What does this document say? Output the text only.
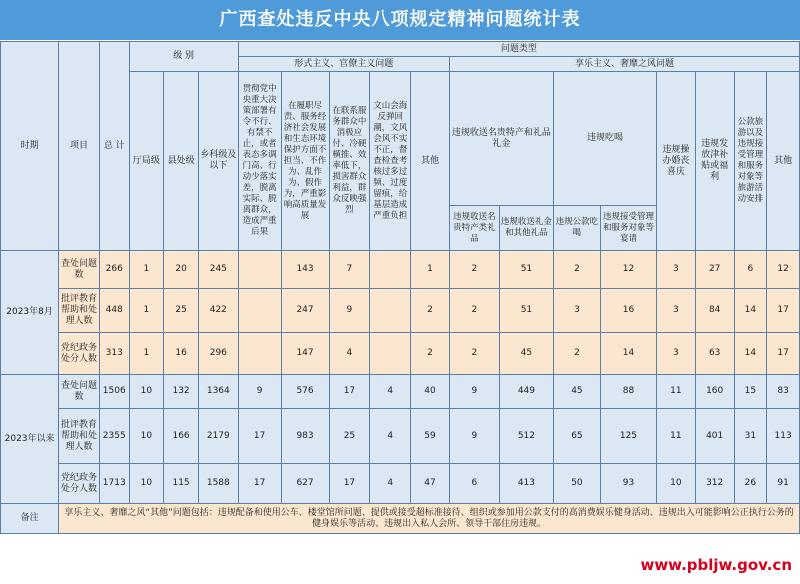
广西查处违反中央八项规定精神问题统计表
时期	项目	总 计	级 别			问题类型												
						形式主义、官僚主义问题					享乐主义、奢靡之风问题							
			厅局级	县处级	乡科级及以下	贯彻党中央重大决策部署有令不行、有禁不止，或者表态多调门高、行动少落实差，脱离实际、脱离群众，造成严重后果	在履职尽责、服务经济社会发展和生态环境保护方面不担当、不作为、乱作为、假作为，严重影响高质量发展	在联系服务群众中消极应付、冷硬横推、效率低下，损害群众利益，群众反映强烈	文山会海反弹回潮，文风会风不实不正，督查检查考核过多过频、过度留痕，给基层造成严重负担	其他	违规收送名贵特产和礼品礼金		违规吃喝		违规操办婚丧喜庆	违规发放津补贴或福利	公款旅游以及违规接受管理和服务对象等旅游活动安排	其他

											违规收送名贵特产类礼品	违规收送礼金和其他礼品	违规公款吃喝	违规接受管理和服务对象等宴请				
2023年8月	查处问题数	266	1	20	245		143	7		1	2	51	2	12	3	27	6	12
	批评教育帮助和处理人数	448	1	25	422		247	9		2	2	51	3	16	3	84	14	17
	党纪政务处分人数	313	1	16	296		147	4		2	2	45	2	14	3	63	14	17
2023年以来	查处问题数	1506	10	132	1364	9	576	17	4	40	9	449	45	88	11	160	15	83
	批评教育帮助和处理人数	2355	10	166	2179	17	983	25	4	59	9	512	65	125	11	401	31	113
	党纪政务处分人数	1713	10	115	1588	17	627	17	4	47	6	413	50	93	10	312	26	91
备注	享乐主义、奢靡之风“其他”问题包括：违规配备和使用公车、楼堂馆所问题、提供或接受超标准接待、组织或参加用公款支付的高消费娱乐健身活动、违规出入可能影响公正执行公务的健身娱乐等活动、违规出入私人会所、领导干部住房违规。																	
www.pbljw.gov.cn
